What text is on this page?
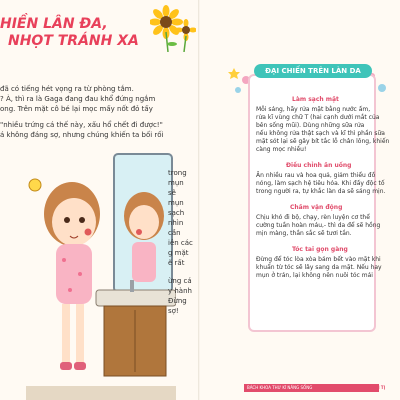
HIỀN LÂN ĐA,
NHỌT TRÁNH XA
đã có tiếng hét vọng ra từ phòng tắm.
? À, thì ra là Gaga đang đau khổ đứng ngắm
ong. Trên mặt cô bé lại mọc mấy nốt đỏ tấy
"nhiều trứng cá thế này, xấu hổ chết đi được!"
á không đáng sợ, nhưng chúng khiến ta bối rối
trong
mụn
sẽ
mụn
sạch
nhìn
cần
iên các
g mặt
ẽ rất
ừng cá
y hành
Đừng
sợ!
ĐẠI CHIẾN TRÊN LÀN DA
Làm sạch mặt
Mỗi sáng, hãy rửa mặt bằng nước ấm,
rửa kĩ vùng chữ T (hai cạnh dưới mắt của
bên sống mũi). Dùng những sữa rửa
nếu không rửa thật sạch và kĩ thì phần sữa
mặt sót lại sẽ gây bít tắc lỗ chân lông, khiến
càng mọc nhiều!
Điều chỉnh ăn uống
Ăn nhiều rau và hoa quả, giảm thiểu đồ
nóng, làm sạch hệ tiêu hóa. Khi đấy độc tố
trong người ra, tự khắc làn da sẽ sáng mịn.
Chăm vận động
Chịu khó đi bộ, chạy, rèn luyện cơ thể
cường tuần hoàn máu,- thì da để sẽ hồng
mịn màng, thần sắc sẽ tươi tắn.
Tóc tai gọn gàng
Đừng để tóc lòa xòa bám bết vào mặt khi
khuẩn từ tóc sẽ lây sang da mặt. Nếu hay
mụn ở trán, lại không nên nuôi tóc mái
BÁCH KHOA THƯ KĨ NĂNG SỐNG	ĐINH TỊ
